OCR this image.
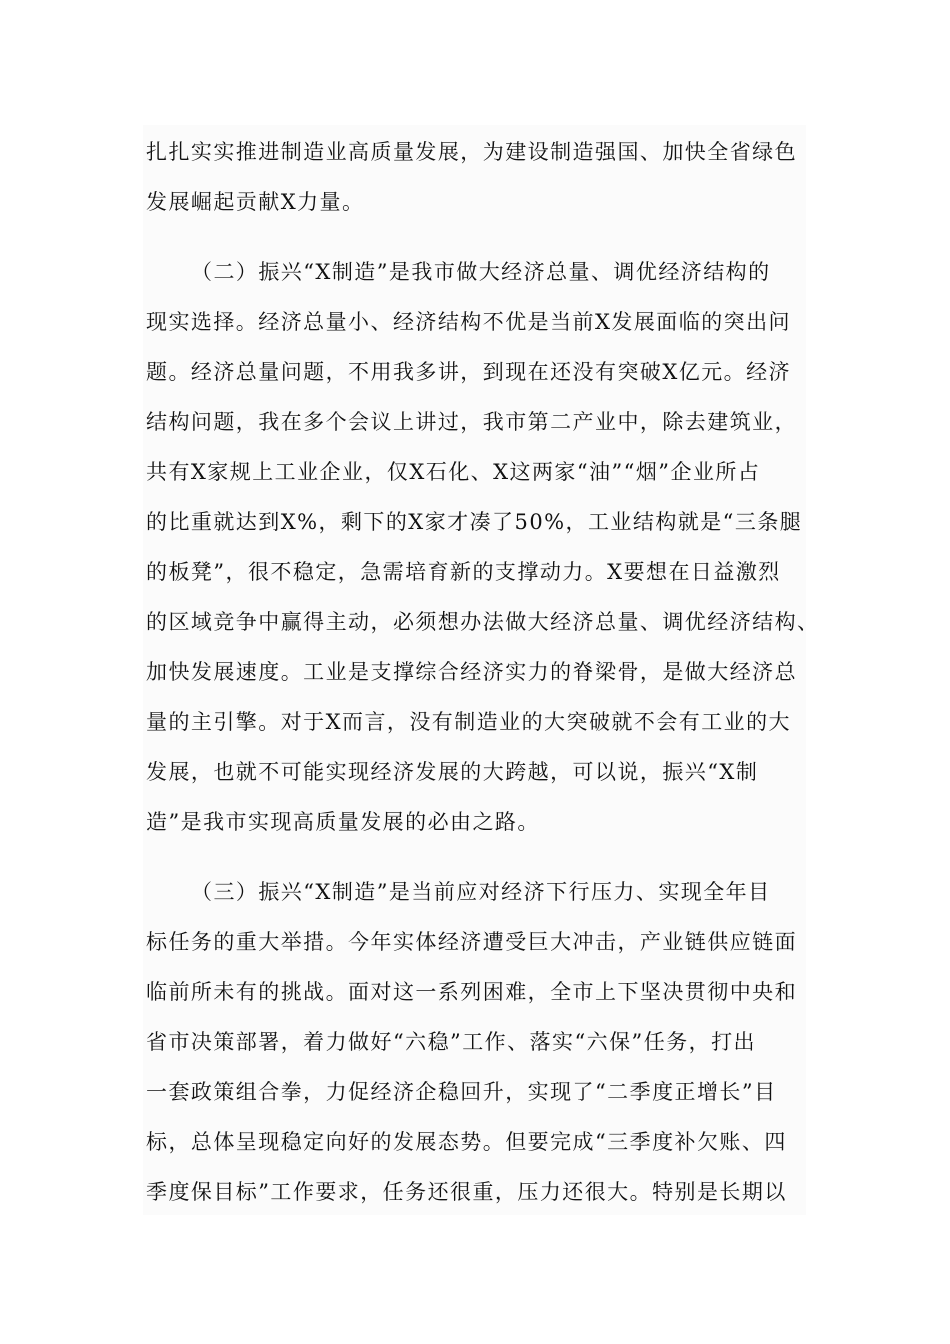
扎扎实实推进制造业高质量发展，为建设制造强国、加快全省绿色
发展崛起贡献X力量。
（二）振兴“X制造”是我市做大经济总量、调优经济结构的
现实选择。经济总量小、经济结构不优是当前X发展面临的突出问
题。经济总量问题，不用我多讲，到现在还没有突破X亿元。经济
结构问题，我在多个会议上讲过，我市第二产业中，除去建筑业，
共有X家规上工业企业，仅X石化、X这两家“油”“烟”企业所占
的比重就达到X%，剩下的X家才凑了50%，工业结构就是“三条腿
的板凳”，很不稳定，急需培育新的支撑动力。X要想在日益激烈
的区域竞争中赢得主动，必须想办法做大经济总量、调优经济结构、
加快发展速度。工业是支撑综合经济实力的脊梁骨，是做大经济总
量的主引擎。对于X而言，没有制造业的大突破就不会有工业的大
发展，也就不可能实现经济发展的大跨越，可以说，振兴“X制
造”是我市实现高质量发展的必由之路。
（三）振兴“X制造”是当前应对经济下行压力、实现全年目
标任务的重大举措。今年实体经济遭受巨大冲击，产业链供应链面
临前所未有的挑战。面对这一系列困难，全市上下坚决贯彻中央和
省市决策部署，着力做好“六稳”工作、落实“六保”任务，打出
一套政策组合拳，力促经济企稳回升，实现了“二季度正增长”目
标，总体呈现稳定向好的发展态势。但要完成“三季度补欠账、四
季度保目标”工作要求，任务还很重，压力还很大。特别是长期以
